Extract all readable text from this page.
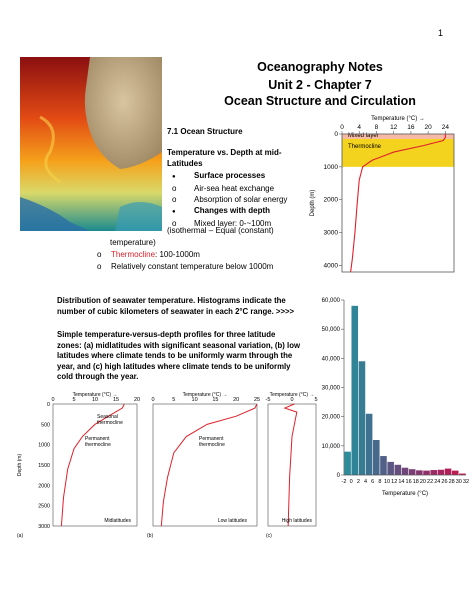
1
Oceanography Notes
Unit 2 - Chapter 7
Ocean Structure and Circulation
7.1 Ocean Structure
Temperature vs. Depth at mid-
Latitudes
● Surface processes
o Air-sea heat exchange
o Absorption of solar energy
● Changes with depth
o Mixed layer: 0-~100m
(isothermal – Equal (constant)
temperature)
o Thermocline: 100-1000m
o Relatively constant temperature below 1000m
Distribution of seawater temperature. Histograms indicate the
number of cubic kilometers of seawater in each 2°C range. >>>>
Simple temperature-versus-depth profiles for three latitude
zones: (a) midlatitudes with significant seasonal variation, (b) low
latitudes where climate tends to be uniformly warm through the
year, and (c) high latitudes where climate tends to be uniformly
cold through the year.
Mixed layer
Thermocline
0 4 8 12 16 20 24
Temperature (°C) →
0
1000
2000
3000
4000
Depth (m)
0
10,000
20,000
30,000
40,000
50,000
60,000
-2 0 2 4 6 8 10 12 14 16 18 20 22 24 26 28 30 32
Temperature (°C)
0	5	10	15	20
Temperature (°C) →
0
500
1000
1500
2000
2500
3000
Depth (m)
Seasonal thermocline
Permanent thermocline
Midlatitudes
(a)
0	5	10	15	20	25
Temperature (°C) →
Permanent thermocline
Low latitudes
(b)
-5	0	5
Temperature (°C) →
High latitudes
(c)
